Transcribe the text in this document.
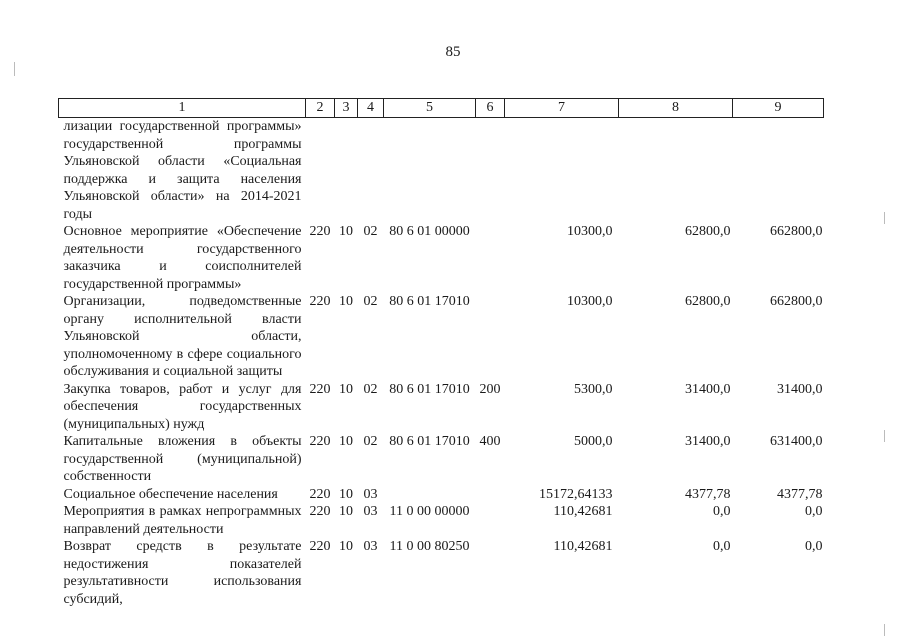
85
1	2	3	4	5	6	7	8	9
лизации государственной программы» государственной программы Ульяновской области «Социальная поддержка и защита населения Ульяновской области» на 2014-2021 годы								
Основное мероприятие «Обеспечение деятельности государственного заказчика и соисполнителей государственной программы»	220	10	02	80 6 01 00000		10300,0	62800,0	662800,0
Организации, подведомственные органу исполнительной власти Ульяновской области, уполномоченному в сфере социального обслуживания и социальной защиты	220	10	02	80 6 01 17010		10300,0	62800,0	662800,0
Закупка товаров, работ и услуг для обеспечения государственных (муниципальных) нужд	220	10	02	80 6 01 17010	200	5300,0	31400,0	31400,0
Капитальные вложения в объекты государственной (муниципальной) собственности	220	10	02	80 6 01 17010	400	5000,0	31400,0	631400,0
Социальное обеспечение населения	220	10	03			15172,64133	4377,78	4377,78
Мероприятия в рамках непрограммных направлений деятельности	220	10	03	11 0 00 00000		110,42681	0,0	0,0
Возврат средств в результате недостижения показателей результативности использования субсидий,	220	10	03	11 0 00 80250		110,42681	0,0	0,0
